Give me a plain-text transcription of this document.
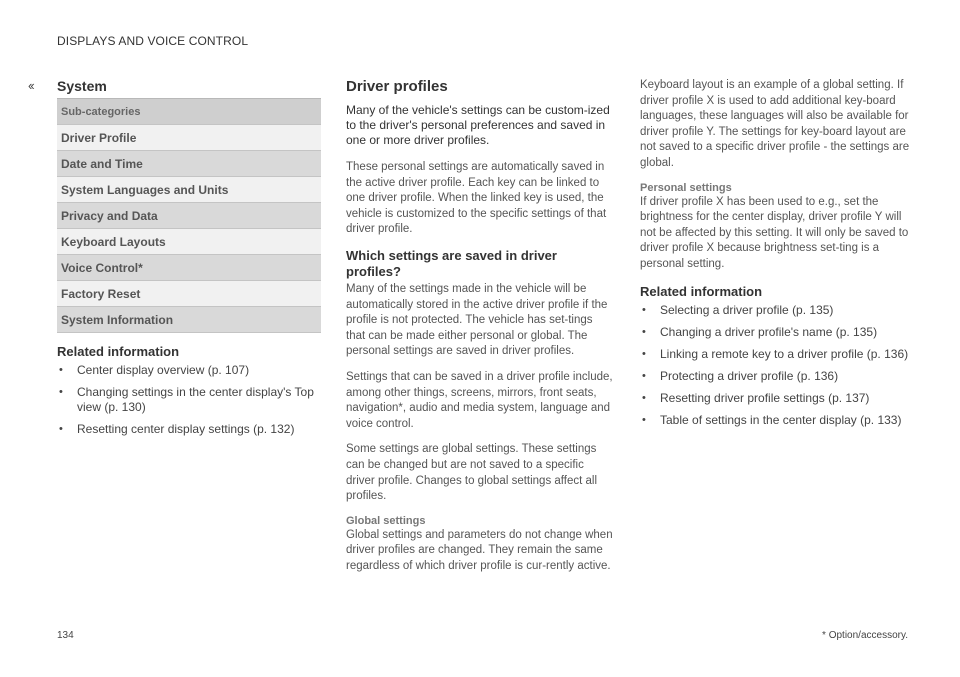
DISPLAYS AND VOICE CONTROL
‹‹ System
Sub-categories
Driver Profile
Date and Time
System Languages and Units
Privacy and Data
Keyboard Layouts
Voice Control*
Factory Reset
System Information
Related information
• Center display overview (p. 107)
• Changing settings in the center display's Top view (p. 130)
• Resetting center display settings (p. 132)
Driver profiles

Many of the vehicle's settings can be custom-ized to the driver's personal preferences and saved in one or more driver profiles.

These personal settings are automatically saved in the active driver profile. Each key can be linked to one driver profile. When the linked key is used, the vehicle is customized to the specific settings of that driver profile.

Which settings are saved in driver profiles?

Many of the settings made in the vehicle will be automatically stored in the active driver profile if the profile is not protected. The vehicle has set-tings that can be made either personal or global. The personal settings are saved in driver profiles.

Settings that can be saved in a driver profile include, among other things, screens, mirrors, front seats, navigation*, audio and media system, language and voice control.

Some settings are global settings. These settings can be changed but are not saved to a specific driver profile. Changes to global settings affect all profiles.

Global settings

Global settings and parameters do not change when driver profiles are changed. They remain the same regardless of which driver profile is cur-rently active.

Keyboard layout is an example of a global setting. If driver profile X is used to add additional key-board languages, these languages will also be available for driver profile Y. The settings for key-board layout are not saved to a specific driver profile - the settings are global.

Personal settings

If driver profile X has been used to e.g., set the brightness for the center display, driver profile Y will not be affected by this setting. It will only be saved to driver profile X because brightness set-ting is a personal setting.

Related information
• Selecting a driver profile (p. 135)
• Changing a driver profile's name (p. 135)
• Linking a remote key to a driver profile (p. 136)
• Protecting a driver profile (p. 136)
• Resetting driver profile settings (p. 137)
• Table of settings in the center display (p. 133)
134	* Option/accessory.
